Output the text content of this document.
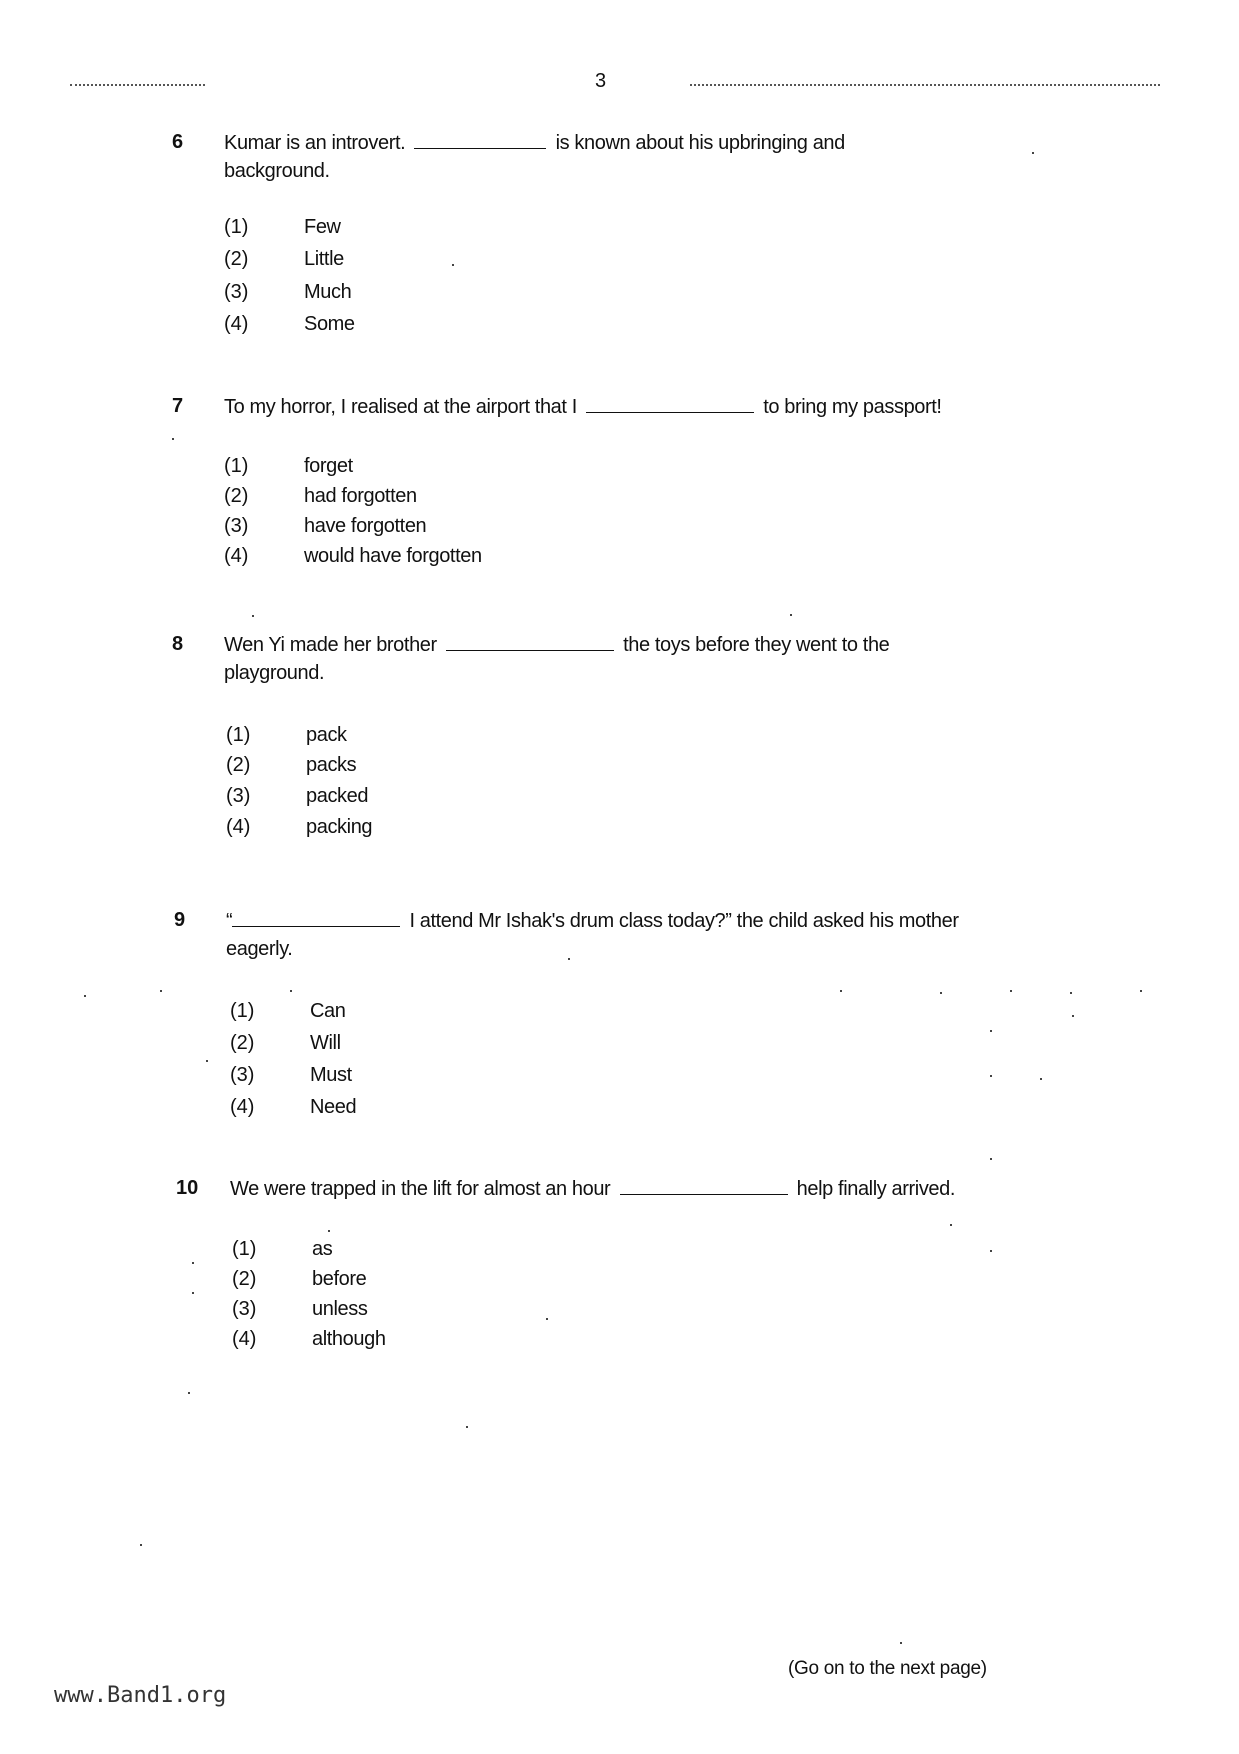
3
6 Kumar is an introvert.	is known about his upbringing and background.
(1)	Few
(2)	Little
(3)	Much
(4)	Some
7 To my horror, I realised at the airport that I	to bring my passport!
(1)	forget
(2)	had forgotten
(3)	have forgotten
(4)	would have forgotten
8 Wen Yi made her brother	the toys before they went to the playground.
(1)	pack
(2)	packs
(3)	packed
(4)	packing
9 “	I attend Mr Ishak's drum class today?” the child asked his mother eagerly.
(1)	Can
(2)	Will
(3)	Must
(4)	Need
10 We were trapped in the lift for almost an hour	help finally arrived.
(1)	as
(2)	before
(3)	unless
(4)	although
(Go on to the next page)
www.Band1.org
